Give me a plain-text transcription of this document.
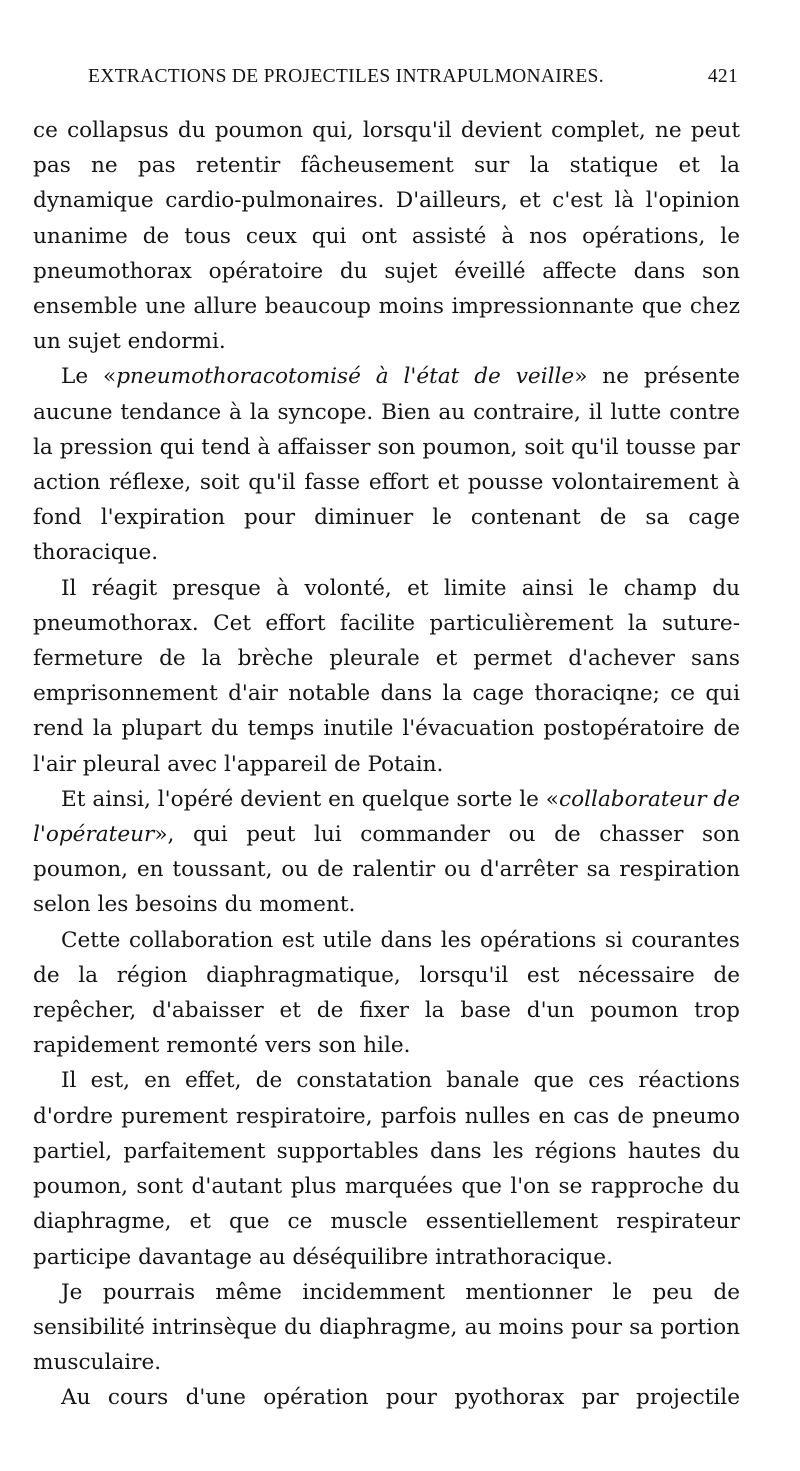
EXTRACTIONS DE PROJECTILES INTRAPULMONAIRES.	421

ce collapsus du poumon qui, lorsqu'il devient complet, ne peut pas ne pas retentir fâcheusement sur la statique et la dynamique cardio-pulmonaires. D'ailleurs, et c'est là l'opinion unanime de tous ceux qui ont assisté à nos opérations, le pneumothorax opératoire du sujet éveillé affecte dans son ensemble une allure beaucoup moins impressionnante que chez un sujet endormi.

Le «pneumothoracotomisé à l'état de veille» ne présente aucune tendance à la syncope. Bien au contraire, il lutte contre la pression qui tend à affaisser son poumon, soit qu'il tousse par action réflexe, soit qu'il fasse effort et pousse volontairement à fond l'expiration pour diminuer le contenant de sa cage thoracique.

Il réagit presque à volonté, et limite ainsi le champ du pneumothorax. Cet effort facilite particulièrement la suture-fermeture de la brèche pleurale et permet d'achever sans emprisonnement d'air notable dans la cage thoraciqne; ce qui rend la plupart du temps inutile l'évacuation postopératoire de l'air pleural avec l'appareil de Potain.

Et ainsi, l'opéré devient en quelque sorte le «collaborateur de l'opérateur», qui peut lui commander ou de chasser son poumon, en toussant, ou de ralentir ou d'arrêter sa respiration selon les besoins du moment.

Cette collaboration est utile dans les opérations si courantes de la région diaphragmatique, lorsqu'il est nécessaire de repêcher, d'abaisser et de fixer la base d'un poumon trop rapidement remonté vers son hile.

Il est, en effet, de constatation banale que ces réactions d'ordre purement respiratoire, parfois nulles en cas de pneumo partiel, parfaitement supportables dans les régions hautes du poumon, sont d'autant plus marquées que l'on se rapproche du diaphragme, et que ce muscle essentiellement respirateur participe davantage au déséquilibre intrathoracique.

Je pourrais même incidemment mentionner le peu de sensibilité intrinsèque du diaphragme, au moins pour sa portion musculaire.

Au cours d'une opération pour pyothorax par projectile
